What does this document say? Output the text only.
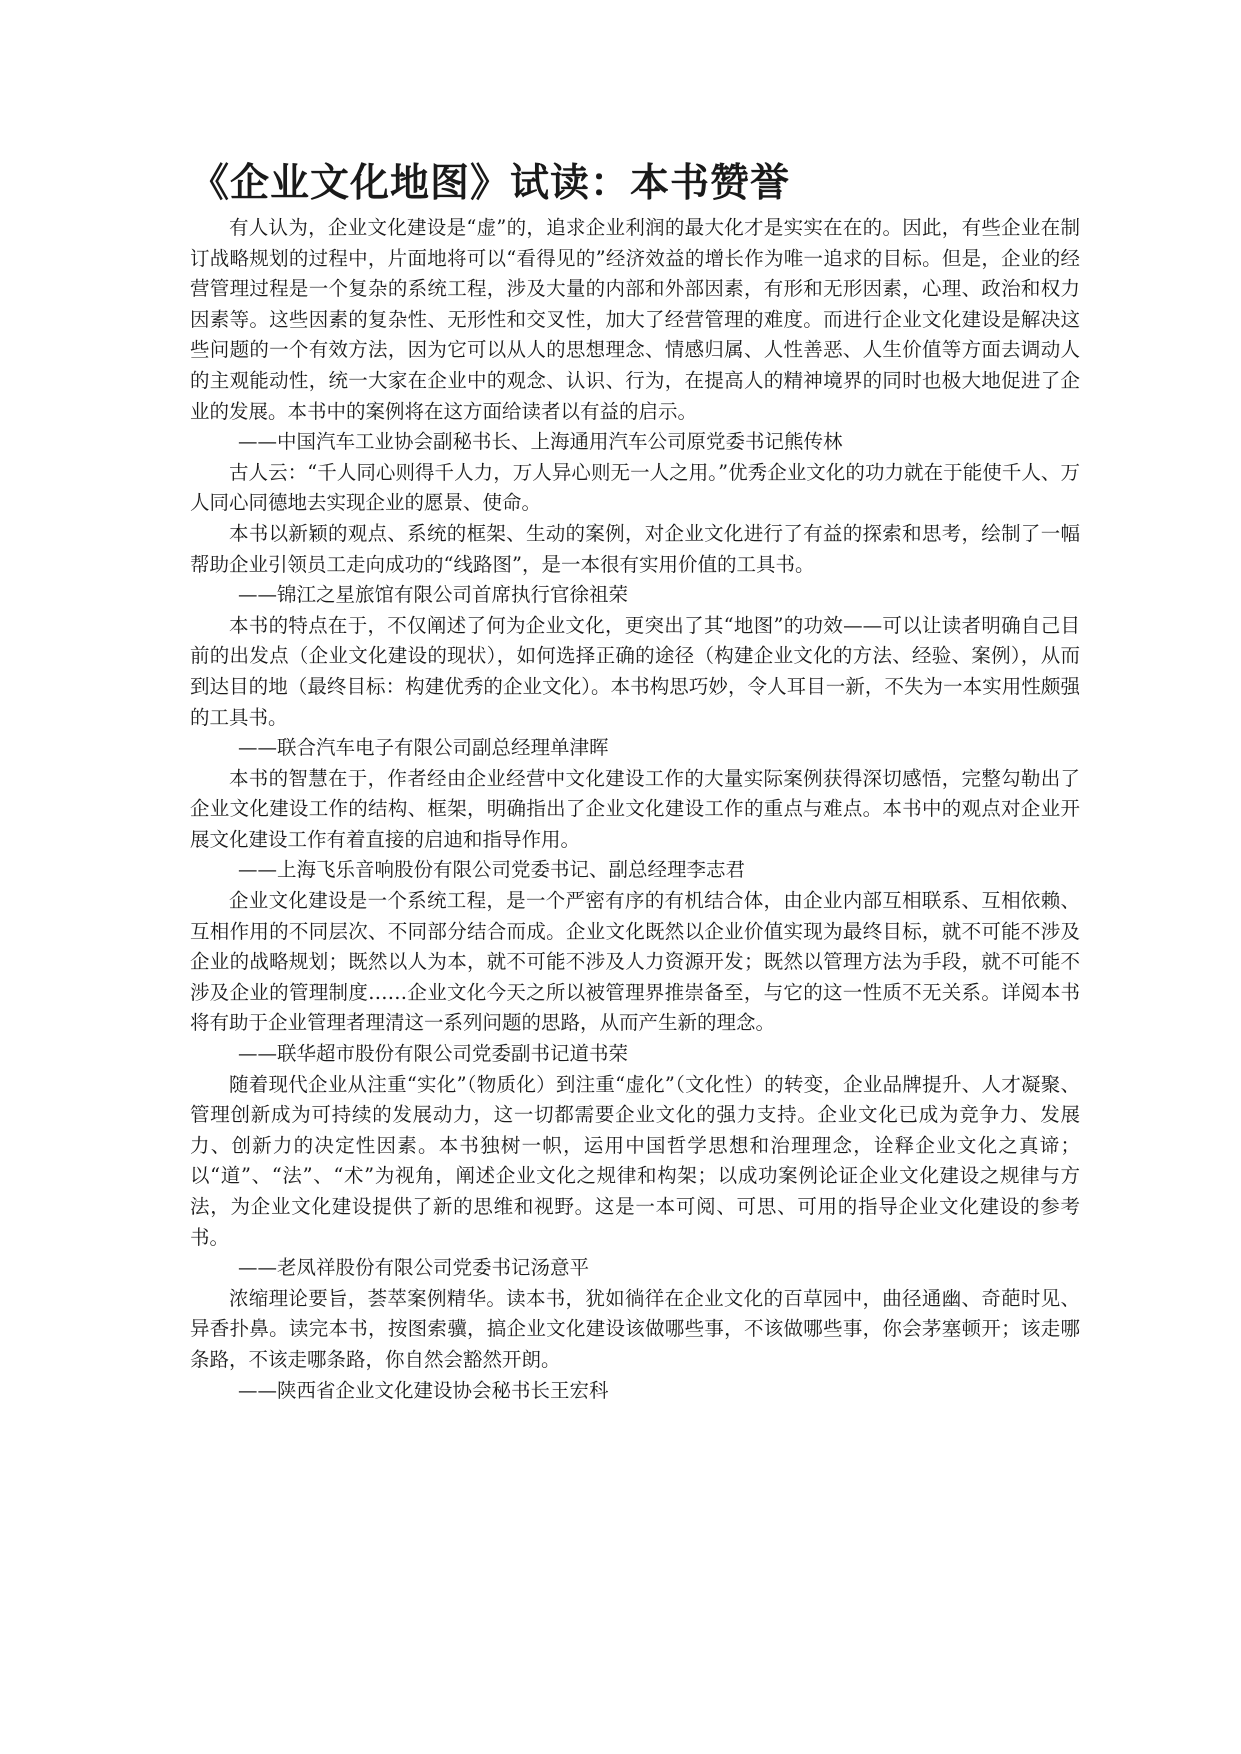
《企业文化地图》试读：本书赞誉

有人认为，企业文化建设是“虚”的，追求企业利润的最大化才是实实在在的。因此，有些企业在制订战略规划的过程中，片面地将可以“看得见的”经济效益的增长作为唯一追求的目标。但是，企业的经营管理过程是一个复杂的系统工程，涉及大量的内部和外部因素，有形和无形因素，心理、政治和权力因素等。这些因素的复杂性、无形性和交叉性，加大了经营管理的难度。而进行企业文化建设是解决这些问题的一个有效方法，因为它可以从人的思想理念、情感归属、人性善恶、人生价值等方面去调动人的主观能动性，统一大家在企业中的观念、认识、行为，在提高人的精神境界的同时也极大地促进了企业的发展。本书中的案例将在这方面给读者以有益的启示。

——中国汽车工业协会副秘书长、上海通用汽车公司原党委书记熊传林

古人云：“千人同心则得千人力，万人异心则无一人之用。”优秀企业文化的功力就在于能使千人、万人同心同德地去实现企业的愿景、使命。

本书以新颖的观点、系统的框架、生动的案例，对企业文化进行了有益的探索和思考，绘制了一幅帮助企业引领员工走向成功的“线路图”，是一本很有实用价值的工具书。

——锦江之星旅馆有限公司首席执行官徐祖荣

本书的特点在于，不仅阐述了何为企业文化，更突出了其“地图”的功效——可以让读者明确自己目前的出发点（企业文化建设的现状），如何选择正确的途径（构建企业文化的方法、经验、案例），从而到达目的地（最终目标：构建优秀的企业文化）。本书构思巧妙，令人耳目一新，不失为一本实用性颇强的工具书。

——联合汽车电子有限公司副总经理单津晖

本书的智慧在于，作者经由企业经营中文化建设工作的大量实际案例获得深切感悟，完整勾勒出了企业文化建设工作的结构、框架，明确指出了企业文化建设工作的重点与难点。本书中的观点对企业开展文化建设工作有着直接的启迪和指导作用。

——上海飞乐音响股份有限公司党委书记、副总经理李志君

企业文化建设是一个系统工程，是一个严密有序的有机结合体，由企业内部互相联系、互相依赖、互相作用的不同层次、不同部分结合而成。企业文化既然以企业价值实现为最终目标，就不可能不涉及企业的战略规划；既然以人为本，就不可能不涉及人力资源开发；既然以管理方法为手段，就不可能不涉及企业的管理制度……企业文化今天之所以被管理界推崇备至，与它的这一性质不无关系。详阅本书将有助于企业管理者理清这一系列问题的思路，从而产生新的理念。

——联华超市股份有限公司党委副书记道书荣

随着现代企业从注重“实化”（物质化）到注重“虚化”（文化性）的转变，企业品牌提升、人才凝聚、管理创新成为可持续的发展动力，这一切都需要企业文化的强力支持。企业文化已成为竞争力、发展力、创新力的决定性因素。本书独树一帜，运用中国哲学思想和治理理念，诠释企业文化之真谛；以“道”、“法”、“术”为视角，阐述企业文化之规律和构架；以成功案例论证企业文化建设之规律与方法，为企业文化建设提供了新的思维和视野。这是一本可阅、可思、可用的指导企业文化建设的参考书。

——老凤祥股份有限公司党委书记汤意平

浓缩理论要旨，荟萃案例精华。读本书，犹如徜徉在企业文化的百草园中，曲径通幽、奇葩时见、异香扑鼻。读完本书，按图索骥，搞企业文化建设该做哪些事，不该做哪些事，你会茅塞顿开；该走哪条路，不该走哪条路，你自然会豁然开朗。

——陕西省企业文化建设协会秘书长王宏科
